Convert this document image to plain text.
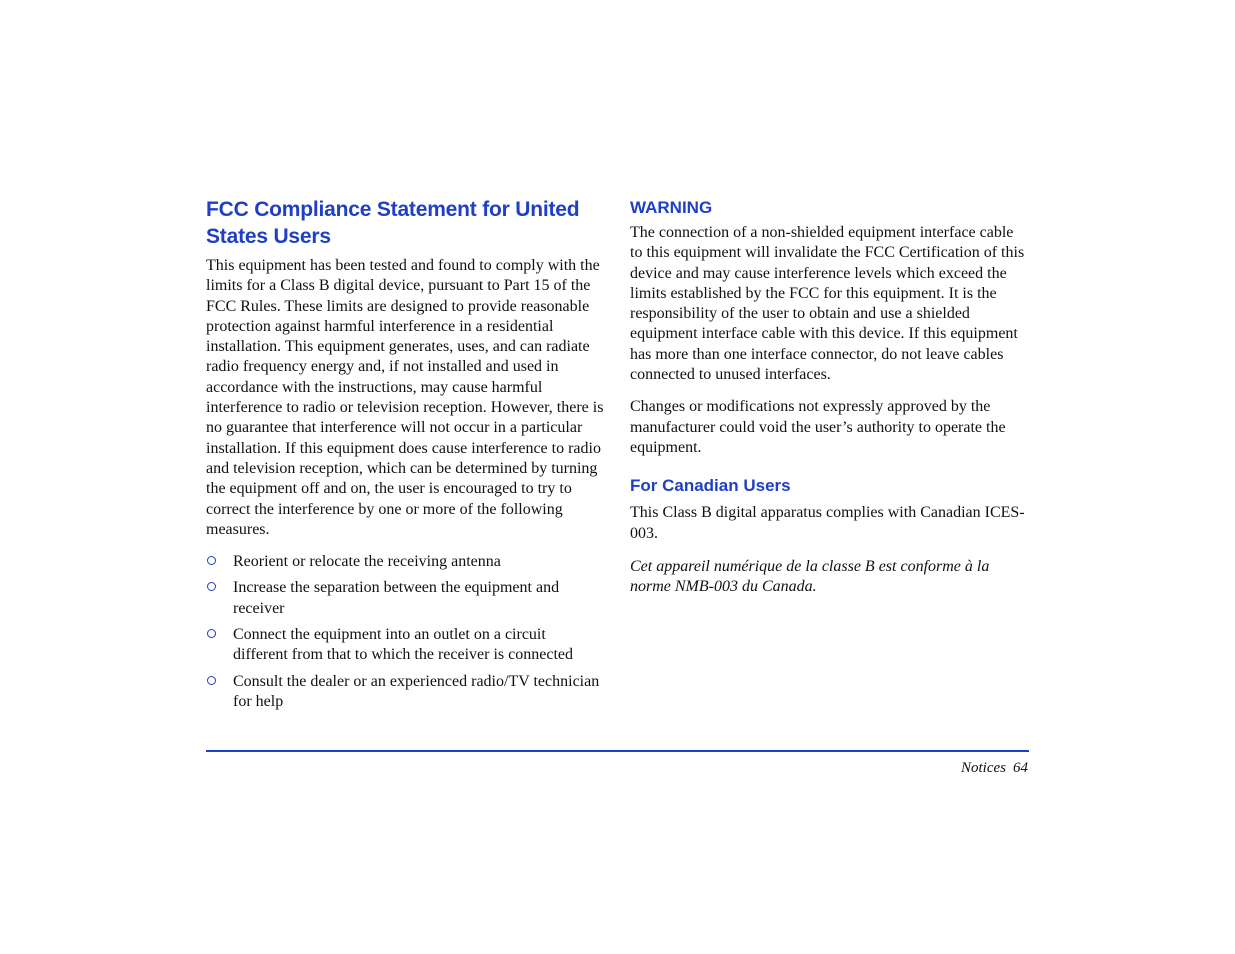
FCC Compliance Statement for United States Users

This equipment has been tested and found to comply with the limits for a Class B digital device, pursuant to Part 15 of the FCC Rules. These limits are designed to provide reasonable protection against harmful interference in a residential installation. This equipment generates, uses, and can radiate radio frequency energy and, if not installed and used in accordance with the instructions, may cause harmful interference to radio or television reception. However, there is no guarantee that interference will not occur in a particular installation. If this equipment does cause interference to radio and television reception, which can be determined by turning the equipment off and on, the user is encouraged to try to correct the interference by one or more of the following measures.

Reorient or relocate the receiving antenna
Increase the separation between the equipment and receiver
Connect the equipment into an outlet on a circuit different from that to which the receiver is connected
Consult the dealer or an experienced radio/TV technician for help
WARNING

The connection of a non-shielded equipment interface cable to this equipment will invalidate the FCC Certification of this device and may cause interference levels which exceed the limits established by the FCC for this equipment. It is the responsibility of the user to obtain and use a shielded equipment interface cable with this device. If this equipment has more than one interface connector, do not leave cables connected to unused interfaces.

Changes or modifications not expressly approved by the manufacturer could void the user’s authority to operate the equipment.

For Canadian Users

This Class B digital apparatus complies with Canadian ICES-003.

Cet appareil numérique de la classe B est conforme à la norme NMB-003 du Canada.

Notices 64
